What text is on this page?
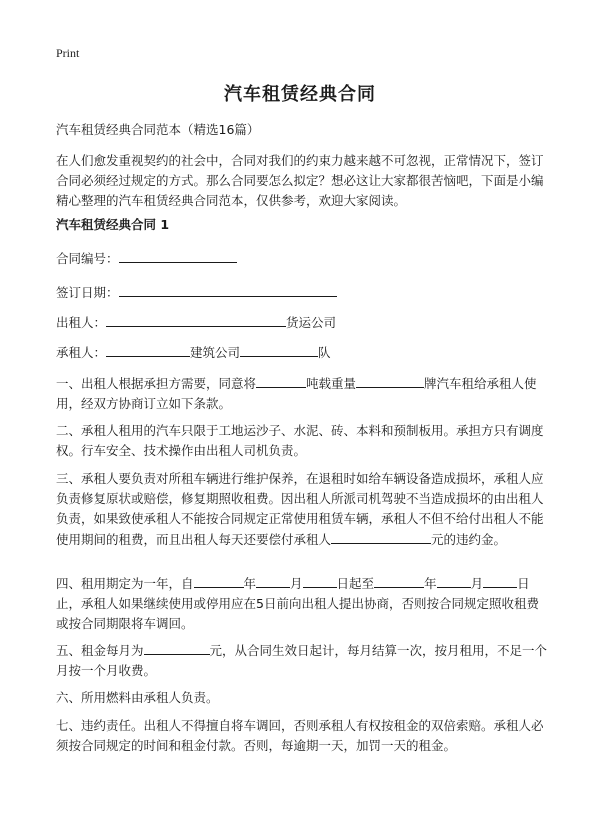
Print
汽车租赁经典合同
汽车租赁经典合同范本（精选16篇）
在人们愈发重视契约的社会中，合同对我们的约束力越来越不可忽视，正常情况下，签订合同必须经过规定的方式。那么合同要怎么拟定？想必这让大家都很苦恼吧，下面是小编精心整理的汽车租赁经典合同范本，仅供参考，欢迎大家阅读。
汽车租赁经典合同 1
合同编号：
签订日期：
出租人：	货运公司
承租人：	建筑公司	队
一、出租人根据承担方需要，同意将	吨载重量	牌汽车租给承租人使用，经双方协商订立如下条款。
二、承租人租用的汽车只限于工地运沙子、水泥、砖、本料和预制板用。承担方只有调度权。行车安全、技术操作由出租人司机负责。
三、承租人要负责对所租车辆进行维护保养，在退租时如给车辆设备造成损坏，承租人应负责修复原状或赔偿，修复期照收租费。因出租人所派司机驾驶不当造成损坏的由出租人负责，如果致使承租人不能按合同规定正常使用租赁车辆，承租人不但不给付出租人不能使用期间的租费，而且出租人每天还要偿付承租人	元的违约金。
四、租用期定为一年，自	年	月	日起至	年	月	日止，承租人如果继续使用或停用应在5日前向出租人提出协商，否则按合同规定照收租费或按合同期限将车调回。
五、租金每月为	元，从合同生效日起计，每月结算一次，按月租用，不足一个月按一个月收费。
六、所用燃料由承租人负责。
七、违约责任。出租人不得擅自将车调回，否则承租人有权按租金的双倍索赔。承租人必须按合同规定的时间和租金付款。否则，每逾期一天，加罚一天的租金。
